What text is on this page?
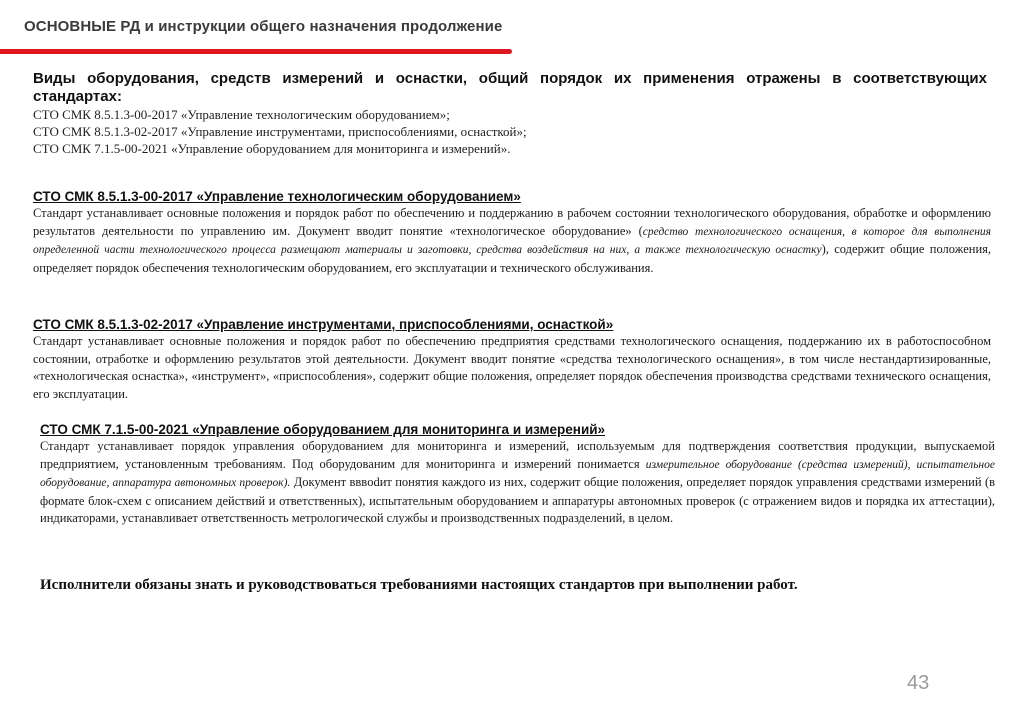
ОСНОВНЫЕ РД и инструкции общего назначения продолжение

Виды оборудования, средств измерений и оснастки, общий порядок их применения отражены в соответствующих стандартах:

СТО СМК 8.5.1.3-00-2017 «Управление технологическим оборудованием»;

СТО СМК 8.5.1.3-02-2017 «Управление инструментами, приспособлениями, оснасткой»;

СТО СМК 7.1.5-00-2021 «Управление оборудованием для мониторинга и измерений».

СТО СМК 8.5.1.3-00-2017 «Управление технологическим оборудованием»

Стандарт устанавливает основные положения и порядок работ по обеспечению и поддержанию в рабочем состоянии технологического оборудования, обработке и оформлению результатов деятельности по управлению им. Документ вводит понятие «технологическое оборудование» (средство технологического оснащения, в которое для выполнения определенной части технологического процесса размещают материалы и заготовки, средства воздействия на них, а также технологическую оснастку), содержит общие положения, определяет порядок обеспечения технологическим оборудованием, его эксплуатации и технического обслуживания.

СТО СМК 8.5.1.3-02-2017 «Управление инструментами, приспособлениями, оснасткой»

Стандарт устанавливает основные положения и порядок работ по обеспечению предприятия средствами технологического оснащения, поддержанию их в работоспособном состоянии, отработке и оформлению результатов этой деятельности. Документ вводит понятие «средства технологического оснащения», в том числе нестандартизированные, «технологическая оснастка», «инструмент», «приспособления», содержит общие положения, определяет порядок обеспечения производства средствами технического оснащения, его эксплуатации.

СТО СМК 7.1.5-00-2021 «Управление оборудованием для мониторинга и измерений»

Стандарт устанавливает порядок управления оборудованием для мониторинга и измерений, используемым для подтверждения соответствия продукции, выпускаемой предприятием, установленным требованиям. Под оборудованим для мониторинга и измерений понимается измерительное оборудование (средства измерений), испытательное оборудование, аппаратура автономных проверок). Документ вввodит понятия каждого из них, содержит общие положения, определяет порядок управления средствами измерений (в формате блок-схем с описанием действий и ответственных), испытательным оборудованием и аппаратуры автономных проверок (с отражением видов и порядка их аттестации), индикаторами, устанавливает ответственность метрологической службы и производственных подразделений, в целом.

Исполнители обязаны знать и руководствоваться требованиями настоящих стандартов при выполнении работ.

43
